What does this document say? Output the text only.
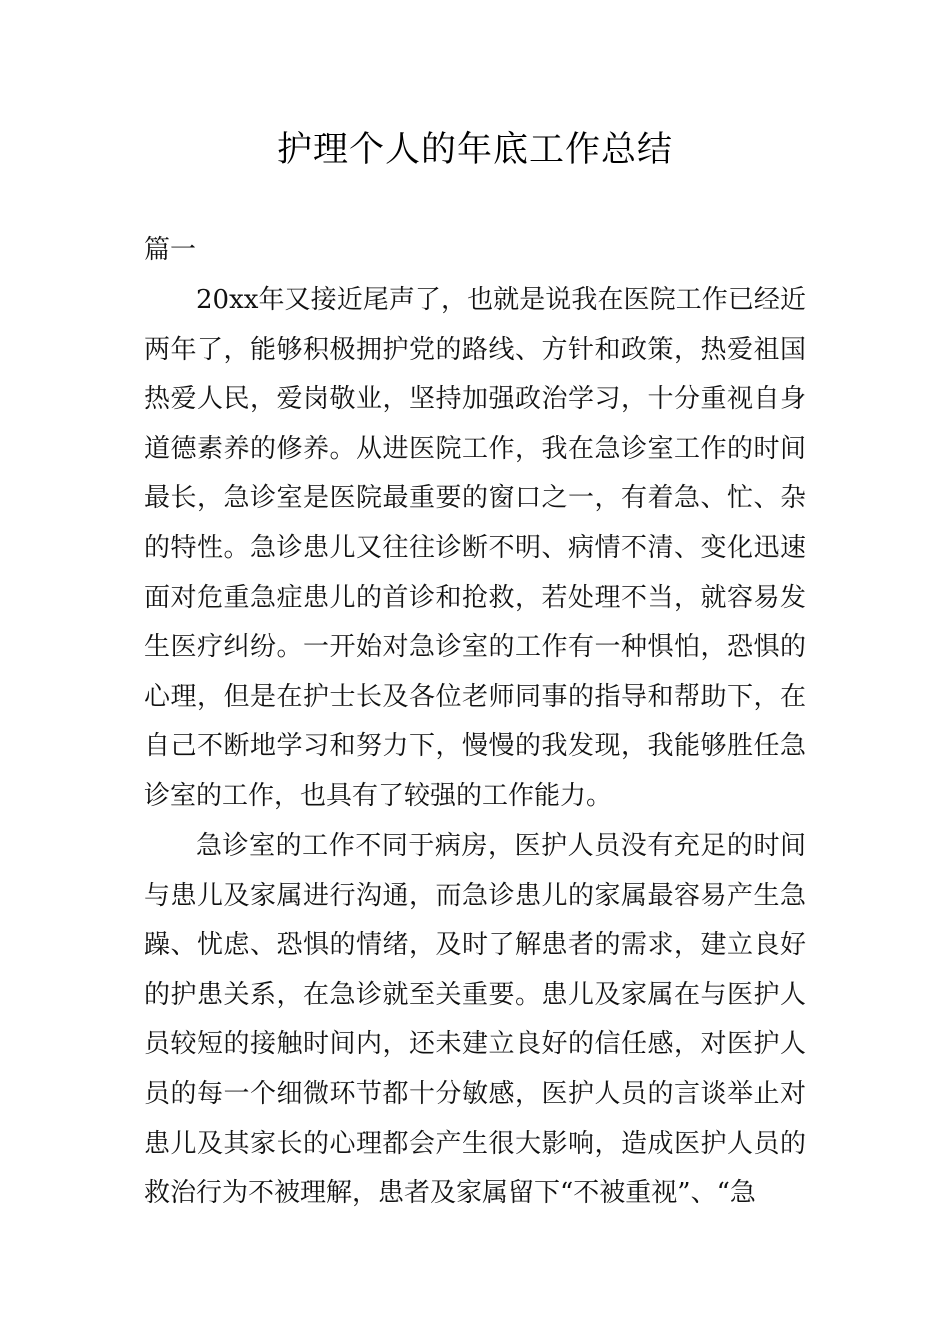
护理个人的年底工作总结

篇一

20xx年又接近尾声了，也就是说我在医院工作已经近两年了，能够积极拥护党的路线、方针和政策，热爱祖国热爱人民，爱岗敬业，坚持加强政治学习，十分重视自身道德素养的修养。从进医院工作，我在急诊室工作的时间最长，急诊室是医院最重要的窗口之一，有着急、忙、杂的特性。急诊患儿又往往诊断不明、病情不清、变化迅速面对危重急症患儿的首诊和抢救，若处理不当，就容易发生医疗纠纷。一开始对急诊室的工作有一种惧怕，恐惧的心理，但是在护士长及各位老师同事的指导和帮助下，在自己不断地学习和努力下，慢慢的我发现，我能够胜任急诊室的工作，也具有了较强的工作能力。

急诊室的工作不同于病房，医护人员没有充足的时间与患儿及家属进行沟通，而急诊患儿的家属最容易产生急躁、忧虑、恐惧的情绪，及时了解患者的需求，建立良好的护患关系，在急诊就至关重要。患儿及家属在与医护人员较短的接触时间内，还未建立良好的信任感，对医护人员的每一个细微环节都十分敏感，医护人员的言谈举止对患儿及其家长的心理都会产生很大影响，造成医护人员的救治行为不被理解，患者及家属留下“不被重视”、“急
